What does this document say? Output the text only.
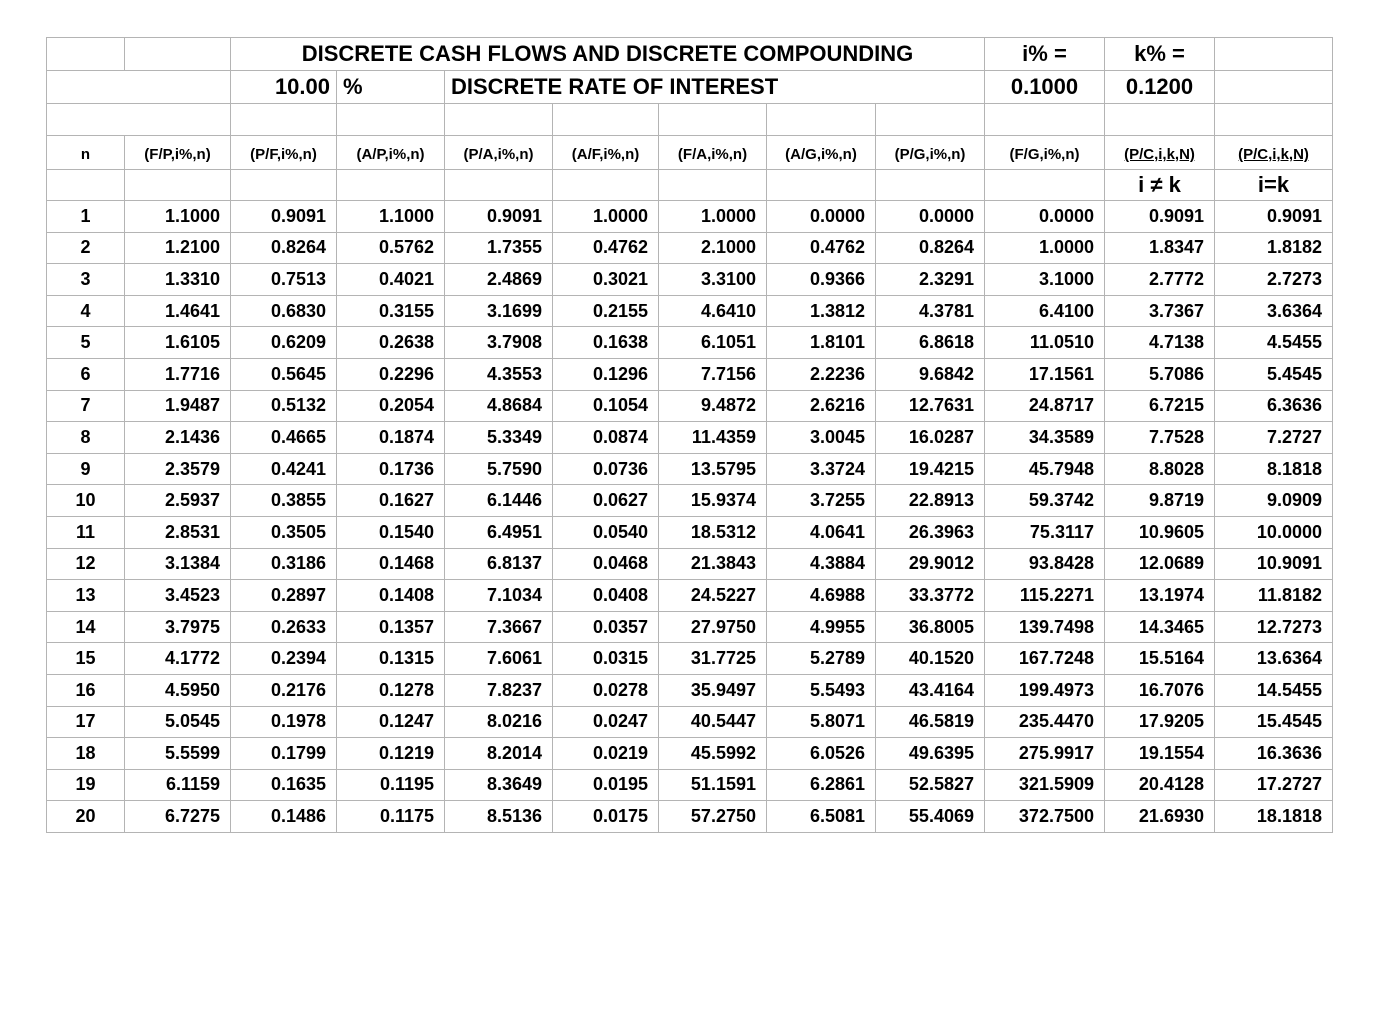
		DISCRETE CASH FLOWS AND DISCRETE COMPOUNDING							i% =	k% =	
		10.00	%	DISCRETE RATE OF INTEREST					0.1000	0.1200	

n	(F/P,i%,n)	(P/F,i%,n)	(A/P,i%,n)	(P/A,i%,n)	(A/F,i%,n)	(F/A,i%,n)	(A/G,i%,n)	(P/G,i%,n)	(F/G,i%,n)	(P/C,i,k,N)	(P/C,i,k,N)
										i ≠ k	i=k
1	1.1000	0.9091	1.1000	0.9091	1.0000	1.0000	0.0000	0.0000	0.0000	0.9091	0.9091
2	1.2100	0.8264	0.5762	1.7355	0.4762	2.1000	0.4762	0.8264	1.0000	1.8347	1.8182
3	1.3310	0.7513	0.4021	2.4869	0.3021	3.3100	0.9366	2.3291	3.1000	2.7772	2.7273
4	1.4641	0.6830	0.3155	3.1699	0.2155	4.6410	1.3812	4.3781	6.4100	3.7367	3.6364
5	1.6105	0.6209	0.2638	3.7908	0.1638	6.1051	1.8101	6.8618	11.0510	4.7138	4.5455
6	1.7716	0.5645	0.2296	4.3553	0.1296	7.7156	2.2236	9.6842	17.1561	5.7086	5.4545
7	1.9487	0.5132	0.2054	4.8684	0.1054	9.4872	2.6216	12.7631	24.8717	6.7215	6.3636
8	2.1436	0.4665	0.1874	5.3349	0.0874	11.4359	3.0045	16.0287	34.3589	7.7528	7.2727
9	2.3579	0.4241	0.1736	5.7590	0.0736	13.5795	3.3724	19.4215	45.7948	8.8028	8.1818
10	2.5937	0.3855	0.1627	6.1446	0.0627	15.9374	3.7255	22.8913	59.3742	9.8719	9.0909
11	2.8531	0.3505	0.1540	6.4951	0.0540	18.5312	4.0641	26.3963	75.3117	10.9605	10.0000
12	3.1384	0.3186	0.1468	6.8137	0.0468	21.3843	4.3884	29.9012	93.8428	12.0689	10.9091
13	3.4523	0.2897	0.1408	7.1034	0.0408	24.5227	4.6988	33.3772	115.2271	13.1974	11.8182
14	3.7975	0.2633	0.1357	7.3667	0.0357	27.9750	4.9955	36.8005	139.7498	14.3465	12.7273
15	4.1772	0.2394	0.1315	7.6061	0.0315	31.7725	5.2789	40.1520	167.7248	15.5164	13.6364
16	4.5950	0.2176	0.1278	7.8237	0.0278	35.9497	5.5493	43.4164	199.4973	16.7076	14.5455
17	5.0545	0.1978	0.1247	8.0216	0.0247	40.5447	5.8071	46.5819	235.4470	17.9205	15.4545
18	5.5599	0.1799	0.1219	8.2014	0.0219	45.5992	6.0526	49.6395	275.9917	19.1554	16.3636
19	6.1159	0.1635	0.1195	8.3649	0.0195	51.1591	6.2861	52.5827	321.5909	20.4128	17.2727
20	6.7275	0.1486	0.1175	8.5136	0.0175	57.2750	6.5081	55.4069	372.7500	21.6930	18.1818
